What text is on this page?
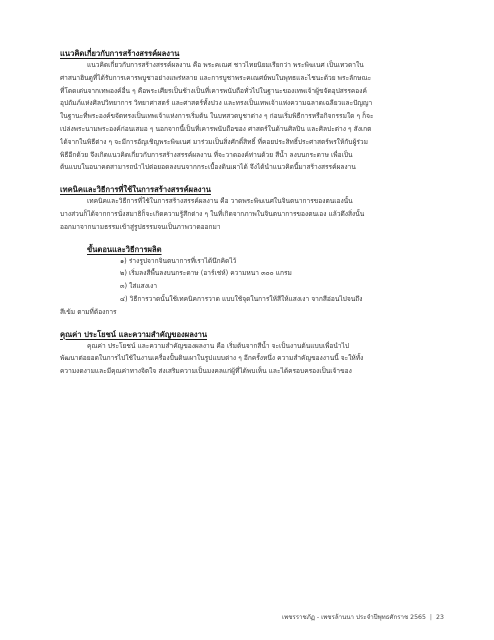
แนวคิดเกี่ยวกับการสร้างสรรค์ผลงาน

แนวคิดเกี่ยวกับการสร้างสรรค์ผลงาน คือ พระคเณศ ชาวไทยนิยมเรียกว่า พระพิฆเนศ เป็นเทวดาใน
ศาสนาฮินดูที่ได้รับการเคารพบูชาอย่างแพร่หลาย และการบูชาพระคเณศย์พบในพุทธและไชนะด้วย พระลักษณะ
ที่โดดเด่นจากเทพองค์อื่น ๆ คือพระเศียรเป็นช้างเป็นที่เคารพนับถือทั่วไปในฐานะของเทพเจ้าผู้ขจัดอุปสรรคองค์
อุปถัมภ์แห่งศิลปวิทยาการ วิทยาศาสตร์ และศาสตร์ทั้งปวง และทรงเป็นเทพเจ้าแห่งความฉลาดเฉลียวและปัญญา
ในฐานะที่พระองค์ขจัดทรงเป็นเทพเจ้าแห่งการเริ่มต้น ในบทสวดบูชาต่าง ๆ ก่อนเริ่มพิธีการหรือกิจกรรมใด ๆ ก็จะ
เปล่งพระนามพระองค์ก่อนเสมอ ๆ นอกจากนี้เป็นที่เคารพนับถือของ ศาสตร์ในด้านศิลปิน และศิลปะต่าง ๆ สังเกต
ได้จากในพิธีต่าง ๆ จะมีการอัญเชิญพระพิฆเนศ มาร่วมเป็นสิ่งศักดิ์สิทธิ์ ที่คอยประสิทธิ์ประศาสตร์พรให้กับผู้ร่วม
พิธีอีกด้วย จึงเกิดแนวคิดเกี่ยวกับการสร้างสรรค์ผลงาน ที่จะวาดองค์ท่านด้วย สีน้ำ ลงบนกระดาษ เพื่อเป็น
ต้นแบบในอนาคตสามารถนำไปต่อยอดลงบนจากกระเบื้องดินเผาได้ จึงได้นำแนวคิดนี้มาสร้างสรรค์ผลงาน

เทคนิคและวิธีการที่ใช้ในการสร้างสรรค์ผลงาน

เทคนิคและวิธีการที่ใช้ในการสร้างสรรค์ผลงาน คือ วาดพระพิฆเนศในจินตนาการของตนเองนั้น
บางส่วนก็ได้จากการนั่งสมาธิก็จะเกิดความรู้สึกต่าง ๆ ในที่เกิดจากภาพในจินตนาการของตนเอง แล้วดึงสิ่งนั้น
ออกมาจากนามธรรมเข้าสู่รูปธรรมจนเป็นภาพวาดออกมา

ขั้นตอนและวิธีการผลิต

๑) ร่างรูปจากจินตนาการที่เราได้นึกคิดไว้
๒) เริ่มลงสีพื้นลงบนกระดาษ (อาร์เช่ห์) ความหนา ๓๐๐ แกรม
๓) ใส่แสงเงา
๔) วิธีการวาดนั้นใช้เทคนิคการวาด แบบใช้จุดในการให้สีให้แสงเงา จากสีอ่อนไปจนถึง
สีเข้ม ตามที่ต้องการ

คุณค่า ประโยชน์ และความสำคัญของผลงาน

คุณค่า ประโยชน์ และความสำคัญของผลงาน คือ เริ่มต้นจากสีน้ำ จะเป็นงานต้นแบบเพื่อนำไป
พัฒนาต่อยอดในการไปใช้ในงานเครื่องปั้นดินเผาในรูปแบบต่าง ๆ อีกครั้งหนึ่ง ความสำคัญของงานนี้ จะให้ทั้ง
ความงดงามและมีคุณค่าทางจิตใจ ส่งเสริมความเป็นมงคลแก่ผู้ที่ได้พบเห็น และได้ครอบครองเป็นเจ้าของ
เพชรราชภัฏ - เพชรล้านนา ประจำปีพุทธศักราช 2565 | 23
